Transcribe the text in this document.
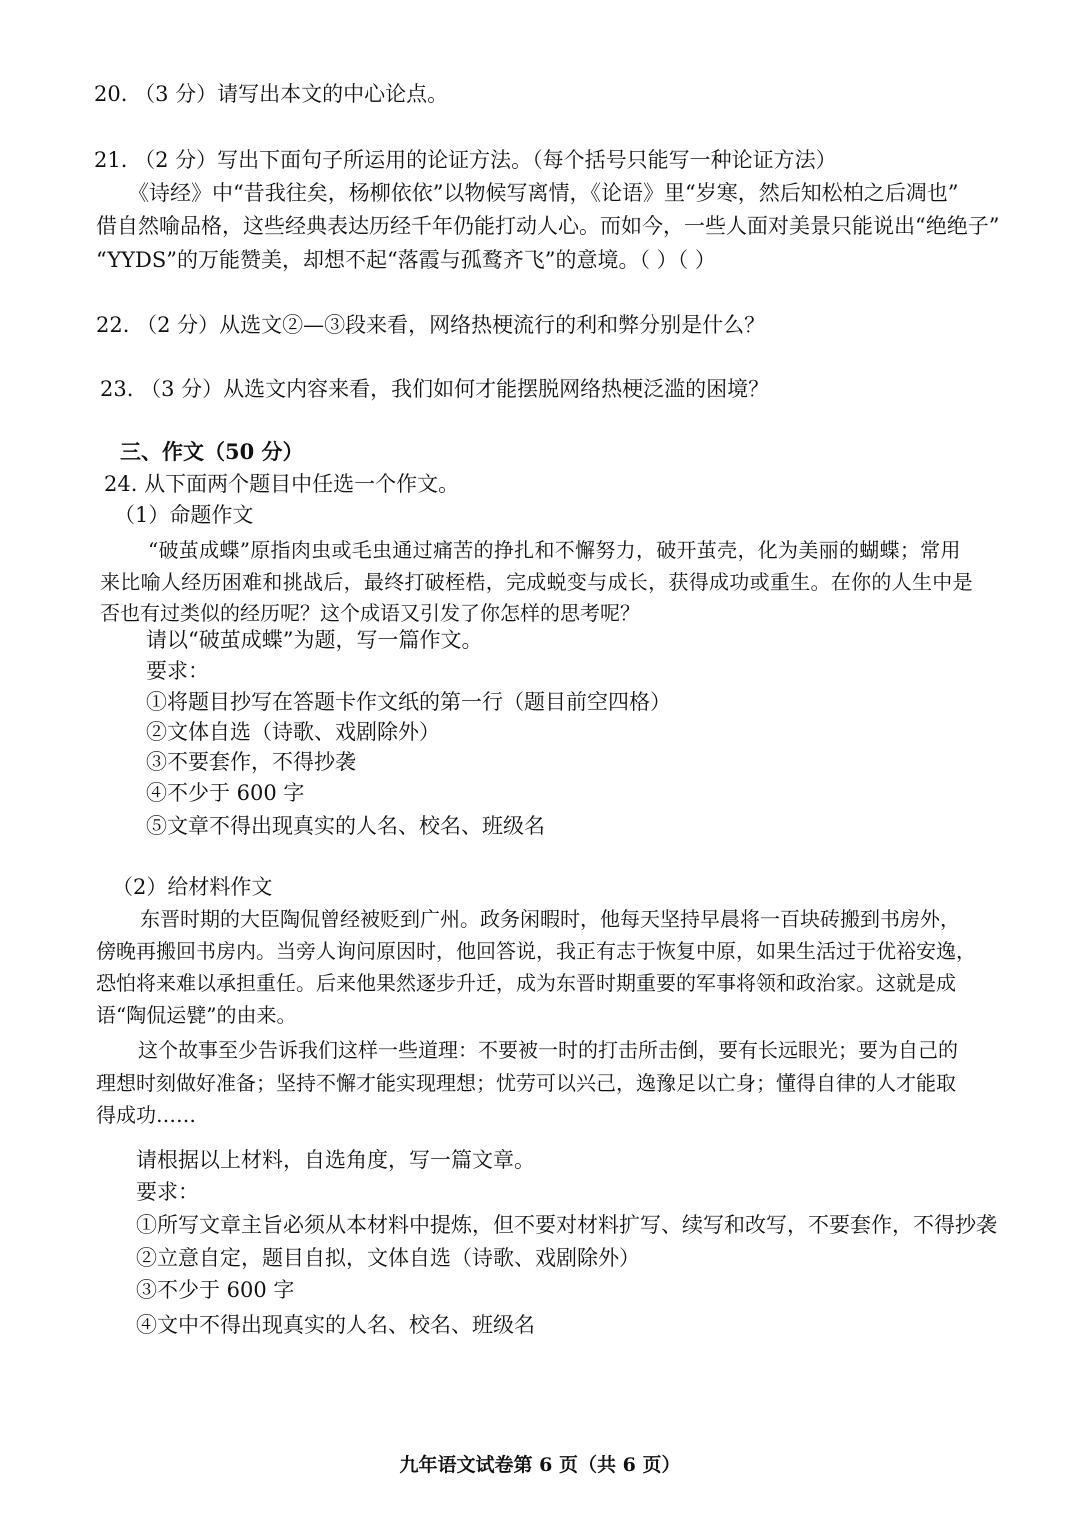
20. （3 分）请写出本文的中心论点。
21. （2 分）写出下面句子所运用的论证方法。（每个括号只能写一种论证方法）
《诗经》中“昔我往矣，杨柳依依”以物候写离情，《论语》里“岁寒，然后知松柏之后凋也”
借自然喻品格，这些经典表达历经千年仍能打动人心。而如今，一些人面对美景只能说出“绝绝子”
“YYDS”的万能赞美，却想不起“落霞与孤鹜齐飞”的意境。（ ）（ ）
22. （2 分）从选文②—③段来看，网络热梗流行的利和弊分别是什么？
23. （3 分）从选文内容来看，我们如何才能摆脱网络热梗泛滥的困境？
三、作文（50 分）
24. 从下面两个题目中任选一个作文。
（1）命题作文
“破茧成蝶”原指肉虫或毛虫通过痛苦的挣扎和不懈努力，破开茧壳，化为美丽的蝴蝶；常用
来比喻人经历困难和挑战后，最终打破桎梏，完成蜕变与成长，获得成功或重生。在你的人生中是
否也有过类似的经历呢？这个成语又引发了你怎样的思考呢？
请以“破茧成蝶”为题，写一篇作文。
要求：
①将题目抄写在答题卡作文纸的第一行（题目前空四格）
②文体自选（诗歌、戏剧除外）
③不要套作，不得抄袭
④不少于 600 字
⑤文章不得出现真实的人名、校名、班级名
（2）给材料作文
东晋时期的大臣陶侃曾经被贬到广州。政务闲暇时，他每天坚持早晨将一百块砖搬到书房外，
傍晚再搬回书房内。当旁人询问原因时，他回答说，我正有志于恢复中原，如果生活过于优裕安逸，
恐怕将来难以承担重任。后来他果然逐步升迁，成为东晋时期重要的军事将领和政治家。这就是成
语“陶侃运甓”的由来。
这个故事至少告诉我们这样一些道理：不要被一时的打击所击倒，要有长远眼光；要为自己的
理想时刻做好准备；坚持不懈才能实现理想；忧劳可以兴己，逸豫足以亡身；懂得自律的人才能取
得成功……
请根据以上材料，自选角度，写一篇文章。
要求：
①所写文章主旨必须从本材料中提炼，但不要对材料扩写、续写和改写，不要套作，不得抄袭
②立意自定，题目自拟，文体自选（诗歌、戏剧除外）
③不少于 600 字
④文中不得出现真实的人名、校名、班级名
九年语文试卷第 6 页（共 6 页）
